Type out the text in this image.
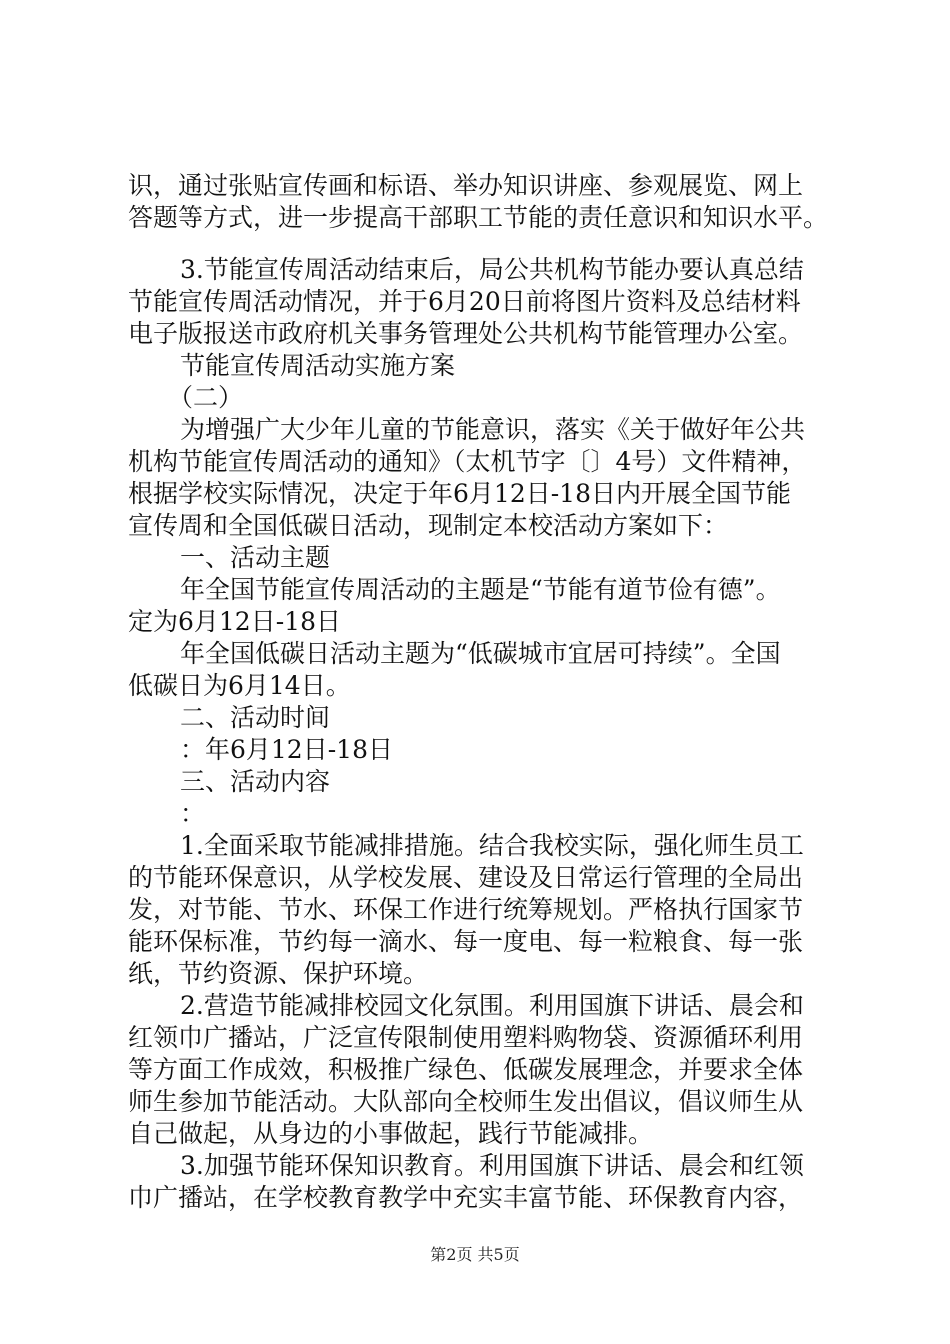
识，通过张贴宣传画和标语、举办知识讲座、参观展览、网上
答题等方式，进一步提高干部职工节能的责任意识和知识水平。
3.节能宣传周活动结束后，局公共机构节能办要认真总结
节能宣传周活动情况，并于6月20日前将图片资料及总结材料
电子版报送市政府机关事务管理处公共机构节能管理办公室。
节能宣传周活动实施方案
（二）
为增强广大少年儿童的节能意识，落实《关于做好年公共
机构节能宣传周活动的通知》（太机节字〔〕4号）文件精神，
根据学校实际情况，决定于年6月12日-18日内开展全国节能
宣传周和全国低碳日活动，现制定本校活动方案如下：
一、活动主题
年全国节能宣传周活动的主题是“节能有道节俭有德”。
定为6月12日-18日
年全国低碳日活动主题为“低碳城市宜居可持续”。全国
低碳日为6月14日。
二、活动时间
：年6月12日-18日
三、活动内容
：
1.全面采取节能减排措施。结合我校实际，强化师生员工
的节能环保意识，从学校发展、建设及日常运行管理的全局出
发，对节能、节水、环保工作进行统筹规划。严格执行国家节
能环保标准，节约每一滴水、每一度电、每一粒粮食、每一张
纸，节约资源、保护环境。
2.营造节能减排校园文化氛围。利用国旗下讲话、晨会和
红领巾广播站，广泛宣传限制使用塑料购物袋、资源循环利用
等方面工作成效，积极推广绿色、低碳发展理念，并要求全体
师生参加节能活动。大队部向全校师生发出倡议，倡议师生从
自己做起，从身边的小事做起，践行节能减排。
3.加强节能环保知识教育。利用国旗下讲话、晨会和红领
巾广播站，在学校教育教学中充实丰富节能、环保教育内容，
第2页 共5页
